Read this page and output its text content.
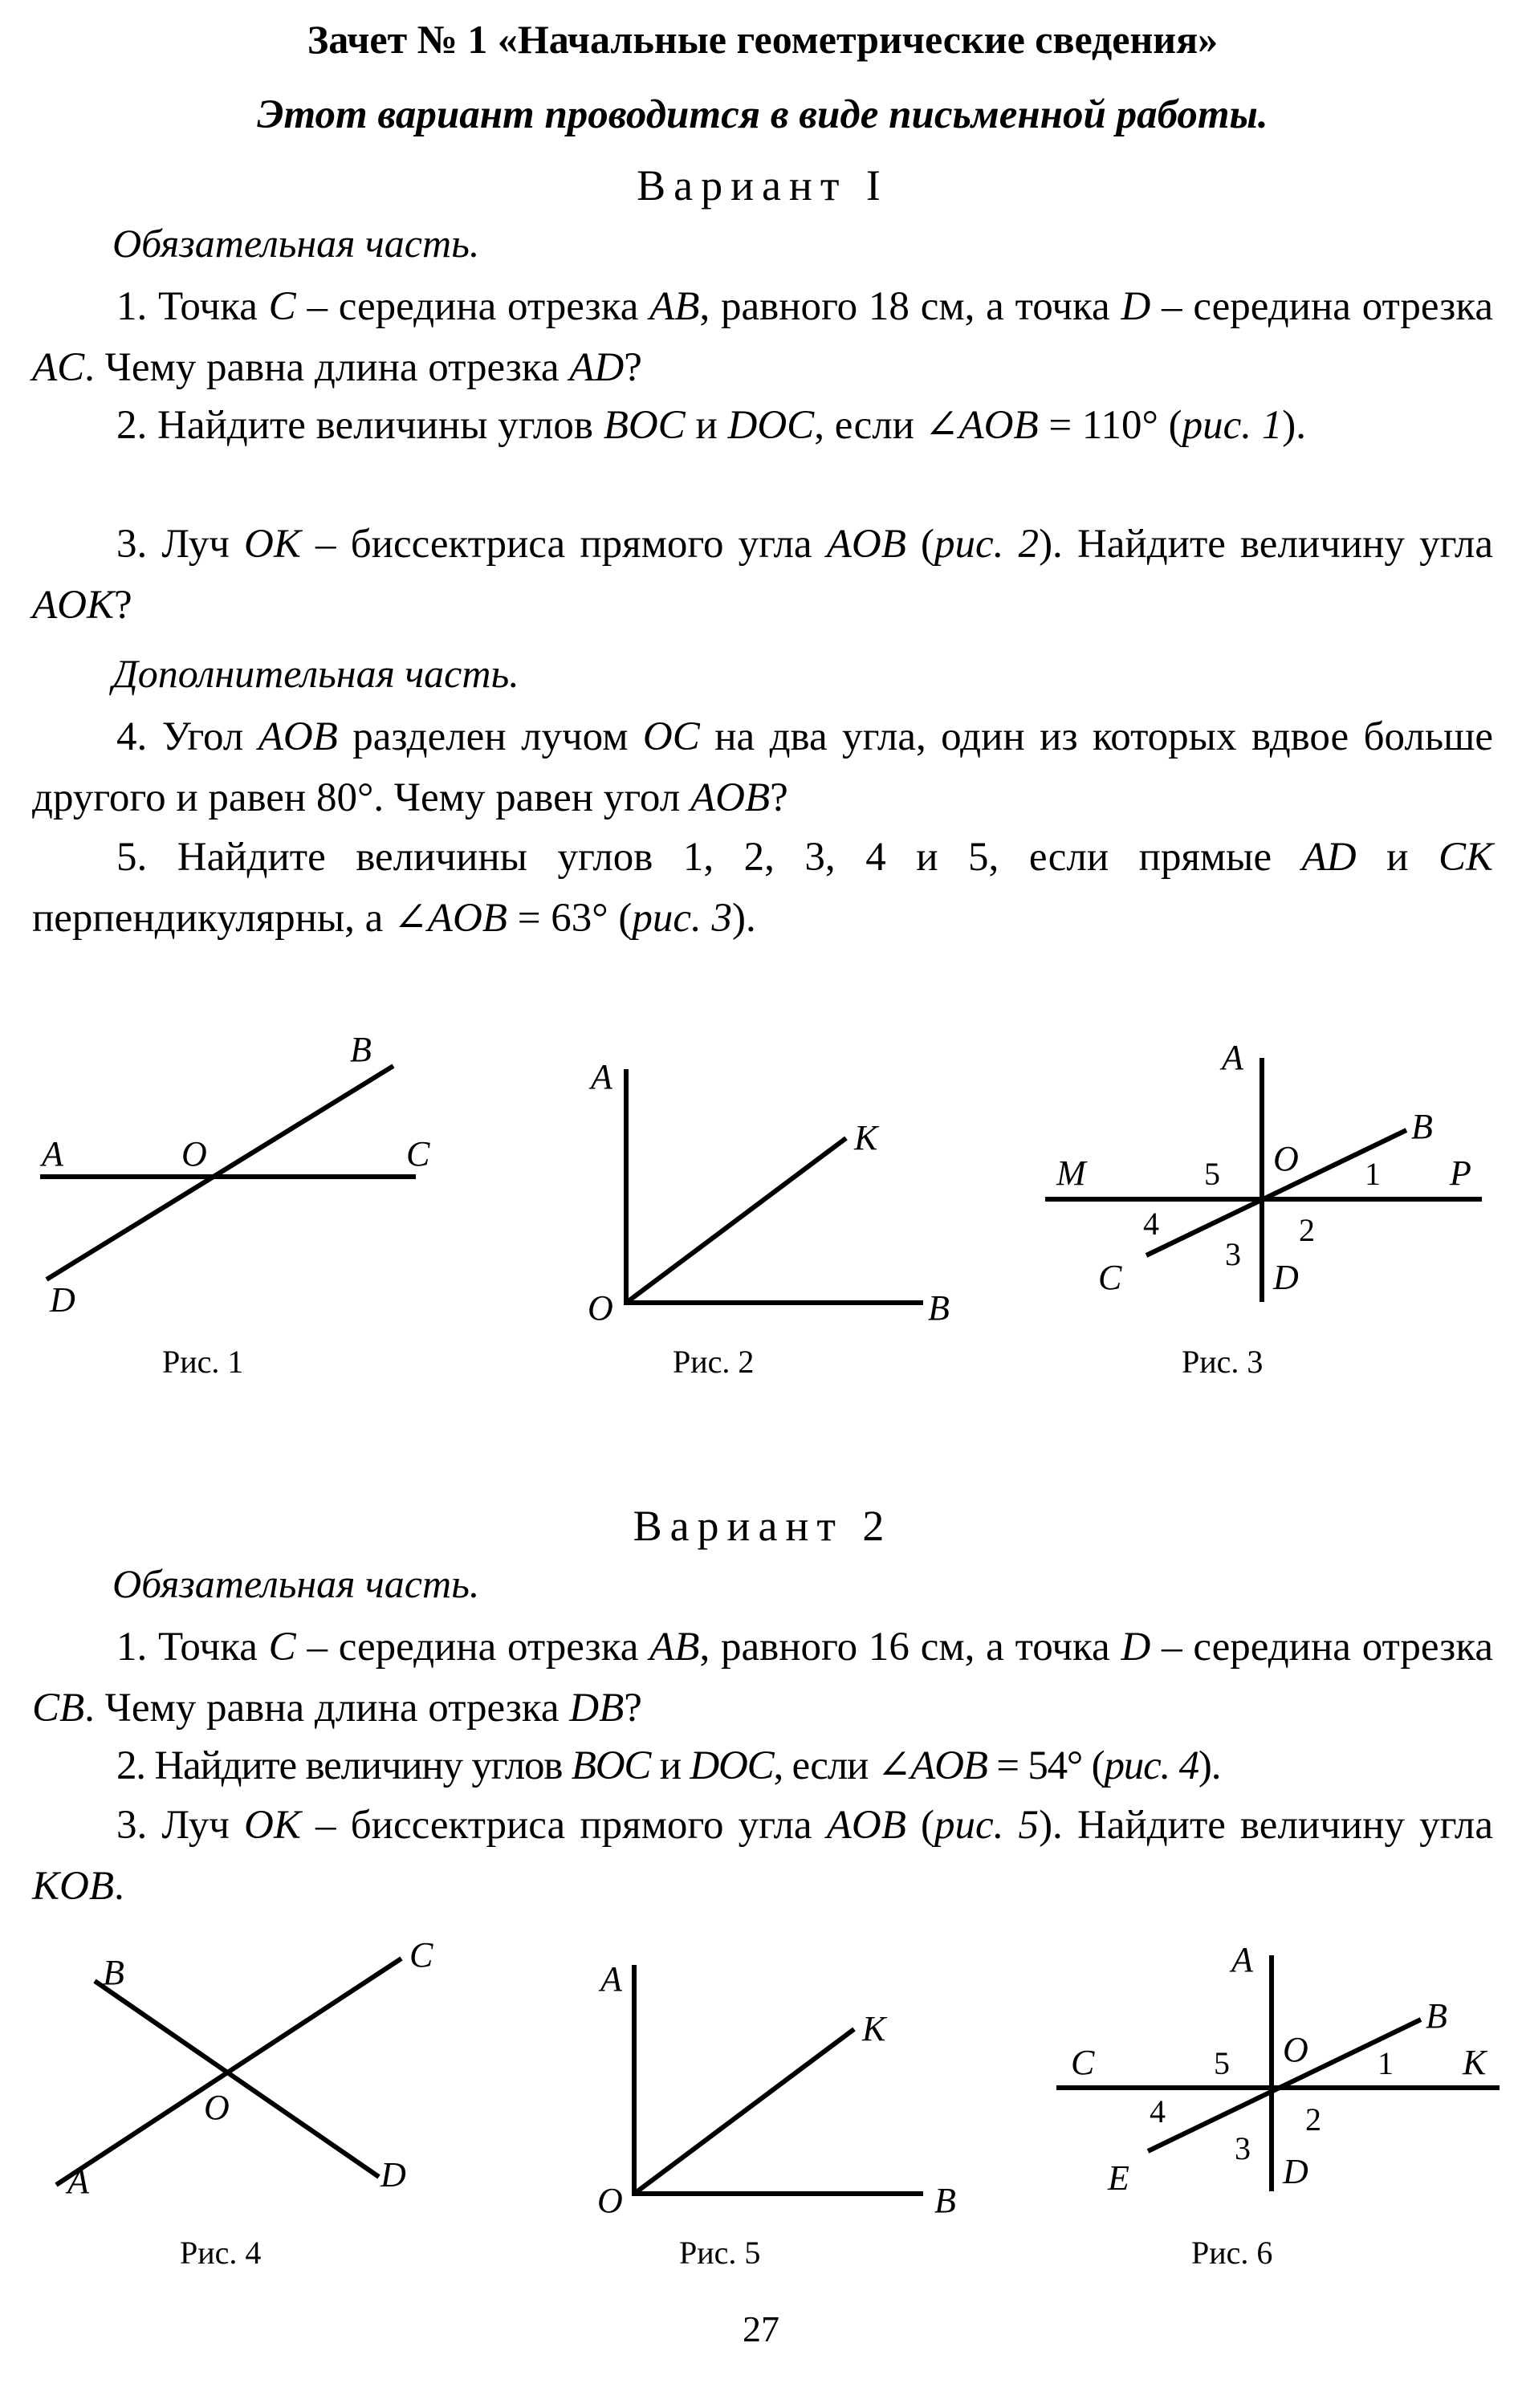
Зачет № 1 «Начальные геометрические сведения»
Этот вариант проводится в виде письменной работы.
Вариант I
Обязательная часть.
1. Точка C – середина отрезка AB, равного 18 см, а точка D – середина отрезка AC. Чему равна длина отрезка AD?
2. Найдите величины углов BOC и DOC, если ∠AOB = 110° (рис. 1).
3. Луч OK – биссектриса прямого угла AOB (рис. 2). Найдите величину угла AOK?
Дополнительная часть.
4. Угол AOB разделен лучом OC на два угла, один из которых вдвое больше другого и равен 80°. Чему равен угол AOB?
5. Найдите величины углов 1, 2, 3, 4 и 5, если прямые AD и CK перпендикулярны, а ∠AOB = 63° (рис. 3).
A	O	C
B
D
Рис. 1
A
K
O	B
Рис. 2
A
B
M	O	P
C	D
5	1
4	2
3
Рис. 3
Вариант 2
Обязательная часть.
1. Точка C – середина отрезка AB, равного 16 см, а точка D – середина отрезка CB. Чему равна длина отрезка DB?
2. Найдите величину углов BOC и DOC, если ∠AOB = 54° (рис. 4).
3. Луч OK – биссектриса прямого угла AOB (рис. 5). Найдите величину угла KOB.
B	C
O
A	D
Рис. 4
A
K
O	B
Рис. 5
A
B
C	O	K
E	D
5	1
4	2
3
Рис. 6
27
